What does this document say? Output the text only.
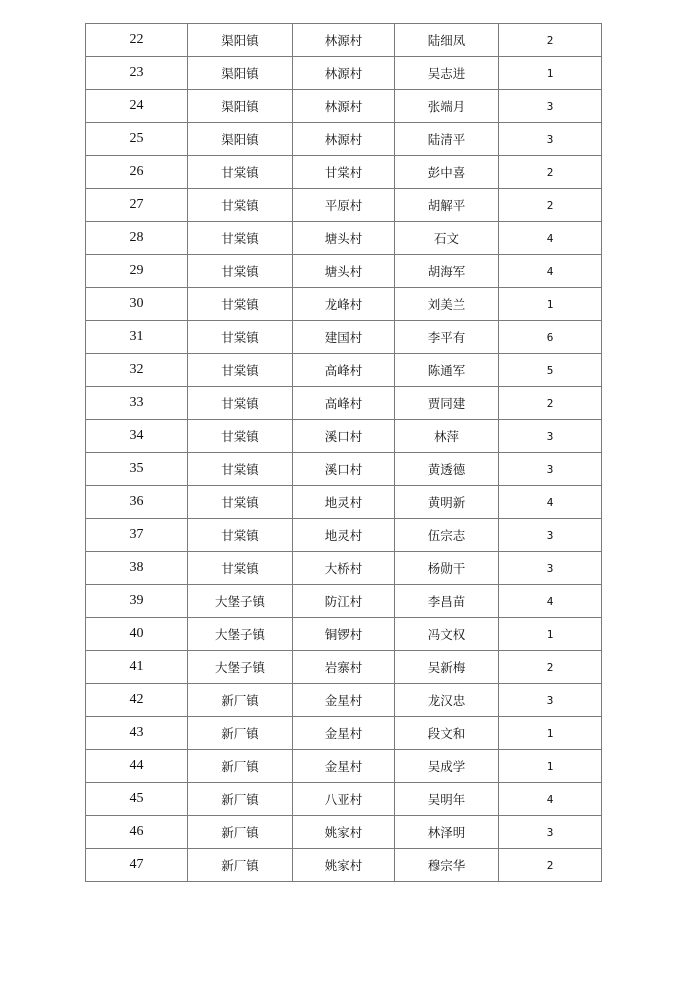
22	渠阳镇	林源村	陆细凤	2
23	渠阳镇	林源村	吴志进	1
24	渠阳镇	林源村	张端月	3
25	渠阳镇	林源村	陆清平	3
26	甘棠镇	甘棠村	彭中喜	2
27	甘棠镇	平原村	胡解平	2
28	甘棠镇	塘头村	石文	4
29	甘棠镇	塘头村	胡海军	4
30	甘棠镇	龙峰村	刘美兰	1
31	甘棠镇	建国村	李平有	6
32	甘棠镇	高峰村	陈通军	5
33	甘棠镇	高峰村	贾同建	2
34	甘棠镇	溪口村	林萍	3
35	甘棠镇	溪口村	黄透德	3
36	甘棠镇	地灵村	黄明新	4
37	甘棠镇	地灵村	伍宗志	3
38	甘棠镇	大桥村	杨勋干	3
39	大堡子镇	防江村	李昌苗	4
40	大堡子镇	铜锣村	冯文权	1
41	大堡子镇	岩寨村	吴新梅	2
42	新厂镇	金星村	龙汉忠	3
43	新厂镇	金星村	段文和	1
44	新厂镇	金星村	吴成学	1
45	新厂镇	八亚村	吴明年	4
46	新厂镇	姚家村	林泽明	3
47	新厂镇	姚家村	穆宗华	2
